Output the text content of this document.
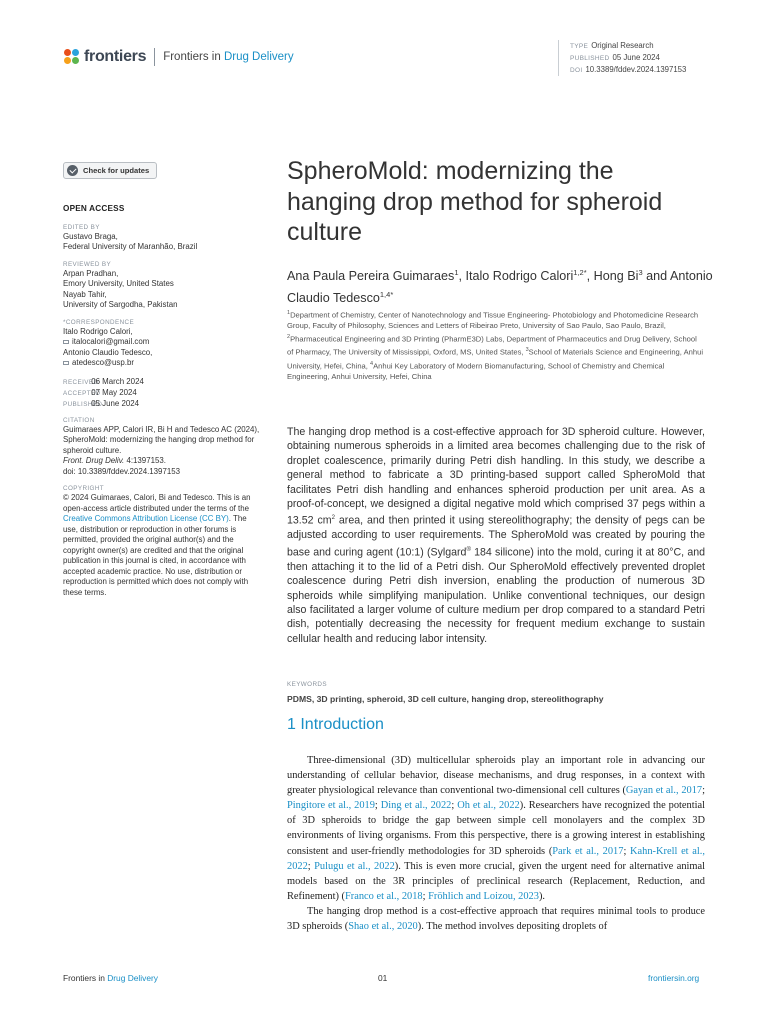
frontiers Frontiers in Drug Delivery
TYPE Original Research
PUBLISHED 05 June 2024
DOI 10.3389/fddev.2024.1397153
Check for updates
OPEN ACCESS
EDITED BY
Gustavo Braga,
Federal University of Maranhão, Brazil
REVIEWED BY
Arpan Pradhan,
Emory University, United States
Nayab Tahir,
University of Sargodha, Pakistan
*CORRESPONDENCE
Italo Rodrigo Calori,
italocalori@gmail.com
Antonio Claudio Tedesco,
atedesco@usp.br
RECEIVED 06 March 2024
ACCEPTED 07 May 2024
PUBLISHED 05 June 2024
CITATION
Guimaraes APP, Calori IR, Bi H and Tedesco AC (2024), SpheroMold: modernizing the hanging drop method for spheroid culture.
Front. Drug Deliv. 4:1397153.
doi: 10.3389/fddev.2024.1397153
COPYRIGHT
© 2024 Guimaraes, Calori, Bi and Tedesco. This is an open-access article distributed under the terms of the Creative Commons Attribution License (CC BY). The use, distribution or reproduction in other forums is permitted, provided the original author(s) and the copyright owner(s) are credited and that the original publication in this journal is cited, in accordance with accepted academic practice. No use, distribution or reproduction is permitted which does not comply with these terms.
SpheroMold: modernizing the hanging drop method for spheroid culture
Ana Paula Pereira Guimaraes$^1$, Italo Rodrigo Calori$^{1,2*}$, Hong Bi$^3$ and Antonio Claudio Tedesco$^{1,4*}$
$^1$Department of Chemistry, Center of Nanotechnology and Tissue Engineering- Photobiology and Photomedicine Research Group, Faculty of Philosophy, Sciences and Letters of Ribeirao Preto, University of Sao Paulo, Sao Paulo, Brazil, $^2$Pharmaceutical Engineering and 3D Printing (PharmE3D) Labs, Department of Pharmaceutics and Drug Delivery, School of Pharmacy, The University of Mississippi, Oxford, MS, United States, $^3$School of Materials Science and Engineering, Anhui University, Hefei, China, $^4$Anhui Key Laboratory of Modern Biomanufacturing, School of Chemistry and Chemical Engineering, Anhui University, Hefei, China
The hanging drop method is a cost-effective approach for 3D spheroid culture. However, obtaining numerous spheroids in a limited area becomes challenging due to the risk of droplet coalescence, primarily during Petri dish handling. In this study, we describe a general method to fabricate a 3D printing-based support called SpheroMold that facilitates Petri dish handling and enhances spheroid production per unit area. As a proof-of-concept, we designed a digital negative mold which comprised 37 pegs within a 13.52 $cm^2$ area, and then printed it using stereolithography; the density of pegs can be adjusted according to user requirements. The SpheroMold was created by pouring the base and curing agent (10:1) (Sylgard® 184 silicone) into the mold, curing it at 80°C, and then attaching it to the lid of a Petri dish. Our SpheroMold effectively prevented droplet coalescence during Petri dish inversion, enabling the production of numerous 3D spheroids while simplifying manipulation. Unlike conventional techniques, our design also facilitated a larger volume of culture medium per drop compared to a standard Petri dish, potentially decreasing the necessity for frequent medium exchange to sustain cellular health and reducing labor intensity.
KEYWORDS
PDMS, 3D printing, spheroid, 3D cell culture, hanging drop, stereolithography
1 Introduction

Three-dimensional (3D) multicellular spheroids play an important role in advancing our understanding of cellular behavior, disease mechanisms, and drug responses, in a context with greater physiological relevance than conventional two-dimensional cell cultures (Gayan et al., 2017; Pingitore et al., 2019; Ding et al., 2022; Oh et al., 2022). Researchers have recognized the potential of 3D spheroids to bridge the gap between simple cell monolayers and the complex 3D environments of living organisms. From this perspective, there is a growing interest in establishing consistent and user-friendly methodologies for 3D spheroids (Park et al., 2017; Kahn-Krell et al., 2022; Pulugu et al., 2022). This is even more crucial, given the urgent need for alternative animal models based on the 3R principles of preclinical research (Replacement, Reduction, and Refinement) (Franco et al., 2018; Fröhlich and Loizou, 2023).

The hanging drop method is a cost-effective approach that requires minimal tools to produce 3D spheroids (Shao et al., 2020). The method involves depositing droplets of

Frontiers in Drug Delivery	01	frontiersin.org
